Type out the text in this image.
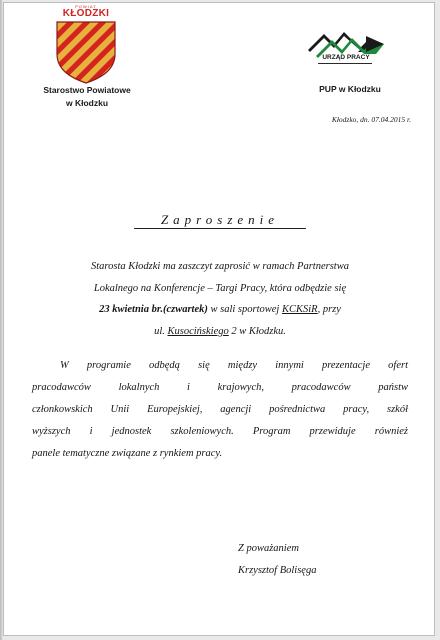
POWIAT
KŁODZKI
Starostwo Powiatowe
w Kłodzku
URZĄD PRACY
PUP w Kłodzku
Kłodzko, dn. 07.04.2015 r.
Zaproszenie
Starosta Kłodzki ma zaszczyt zaprosić w ramach Partnerstwa
Lokalnego na Konferencje – Targi Pracy, która odbędzie się
23 kwietnia br.(czwartek) w sali sportowej KCKSiR, przy
ul. Kusocińskiego 2 w Kłodzku.
W programie odbędą się między innymi prezentacje ofert
pracodawców lokalnych i krajowych, pracodawców państw
członkowskich Unii Europejskiej, agencji pośrednictwa pracy, szkół
wyższych i jednostek szkoleniowych. Program przewiduje również
panele tematyczne związane z rynkiem pracy.
Z poważaniem
Krzysztof Bolisęga
